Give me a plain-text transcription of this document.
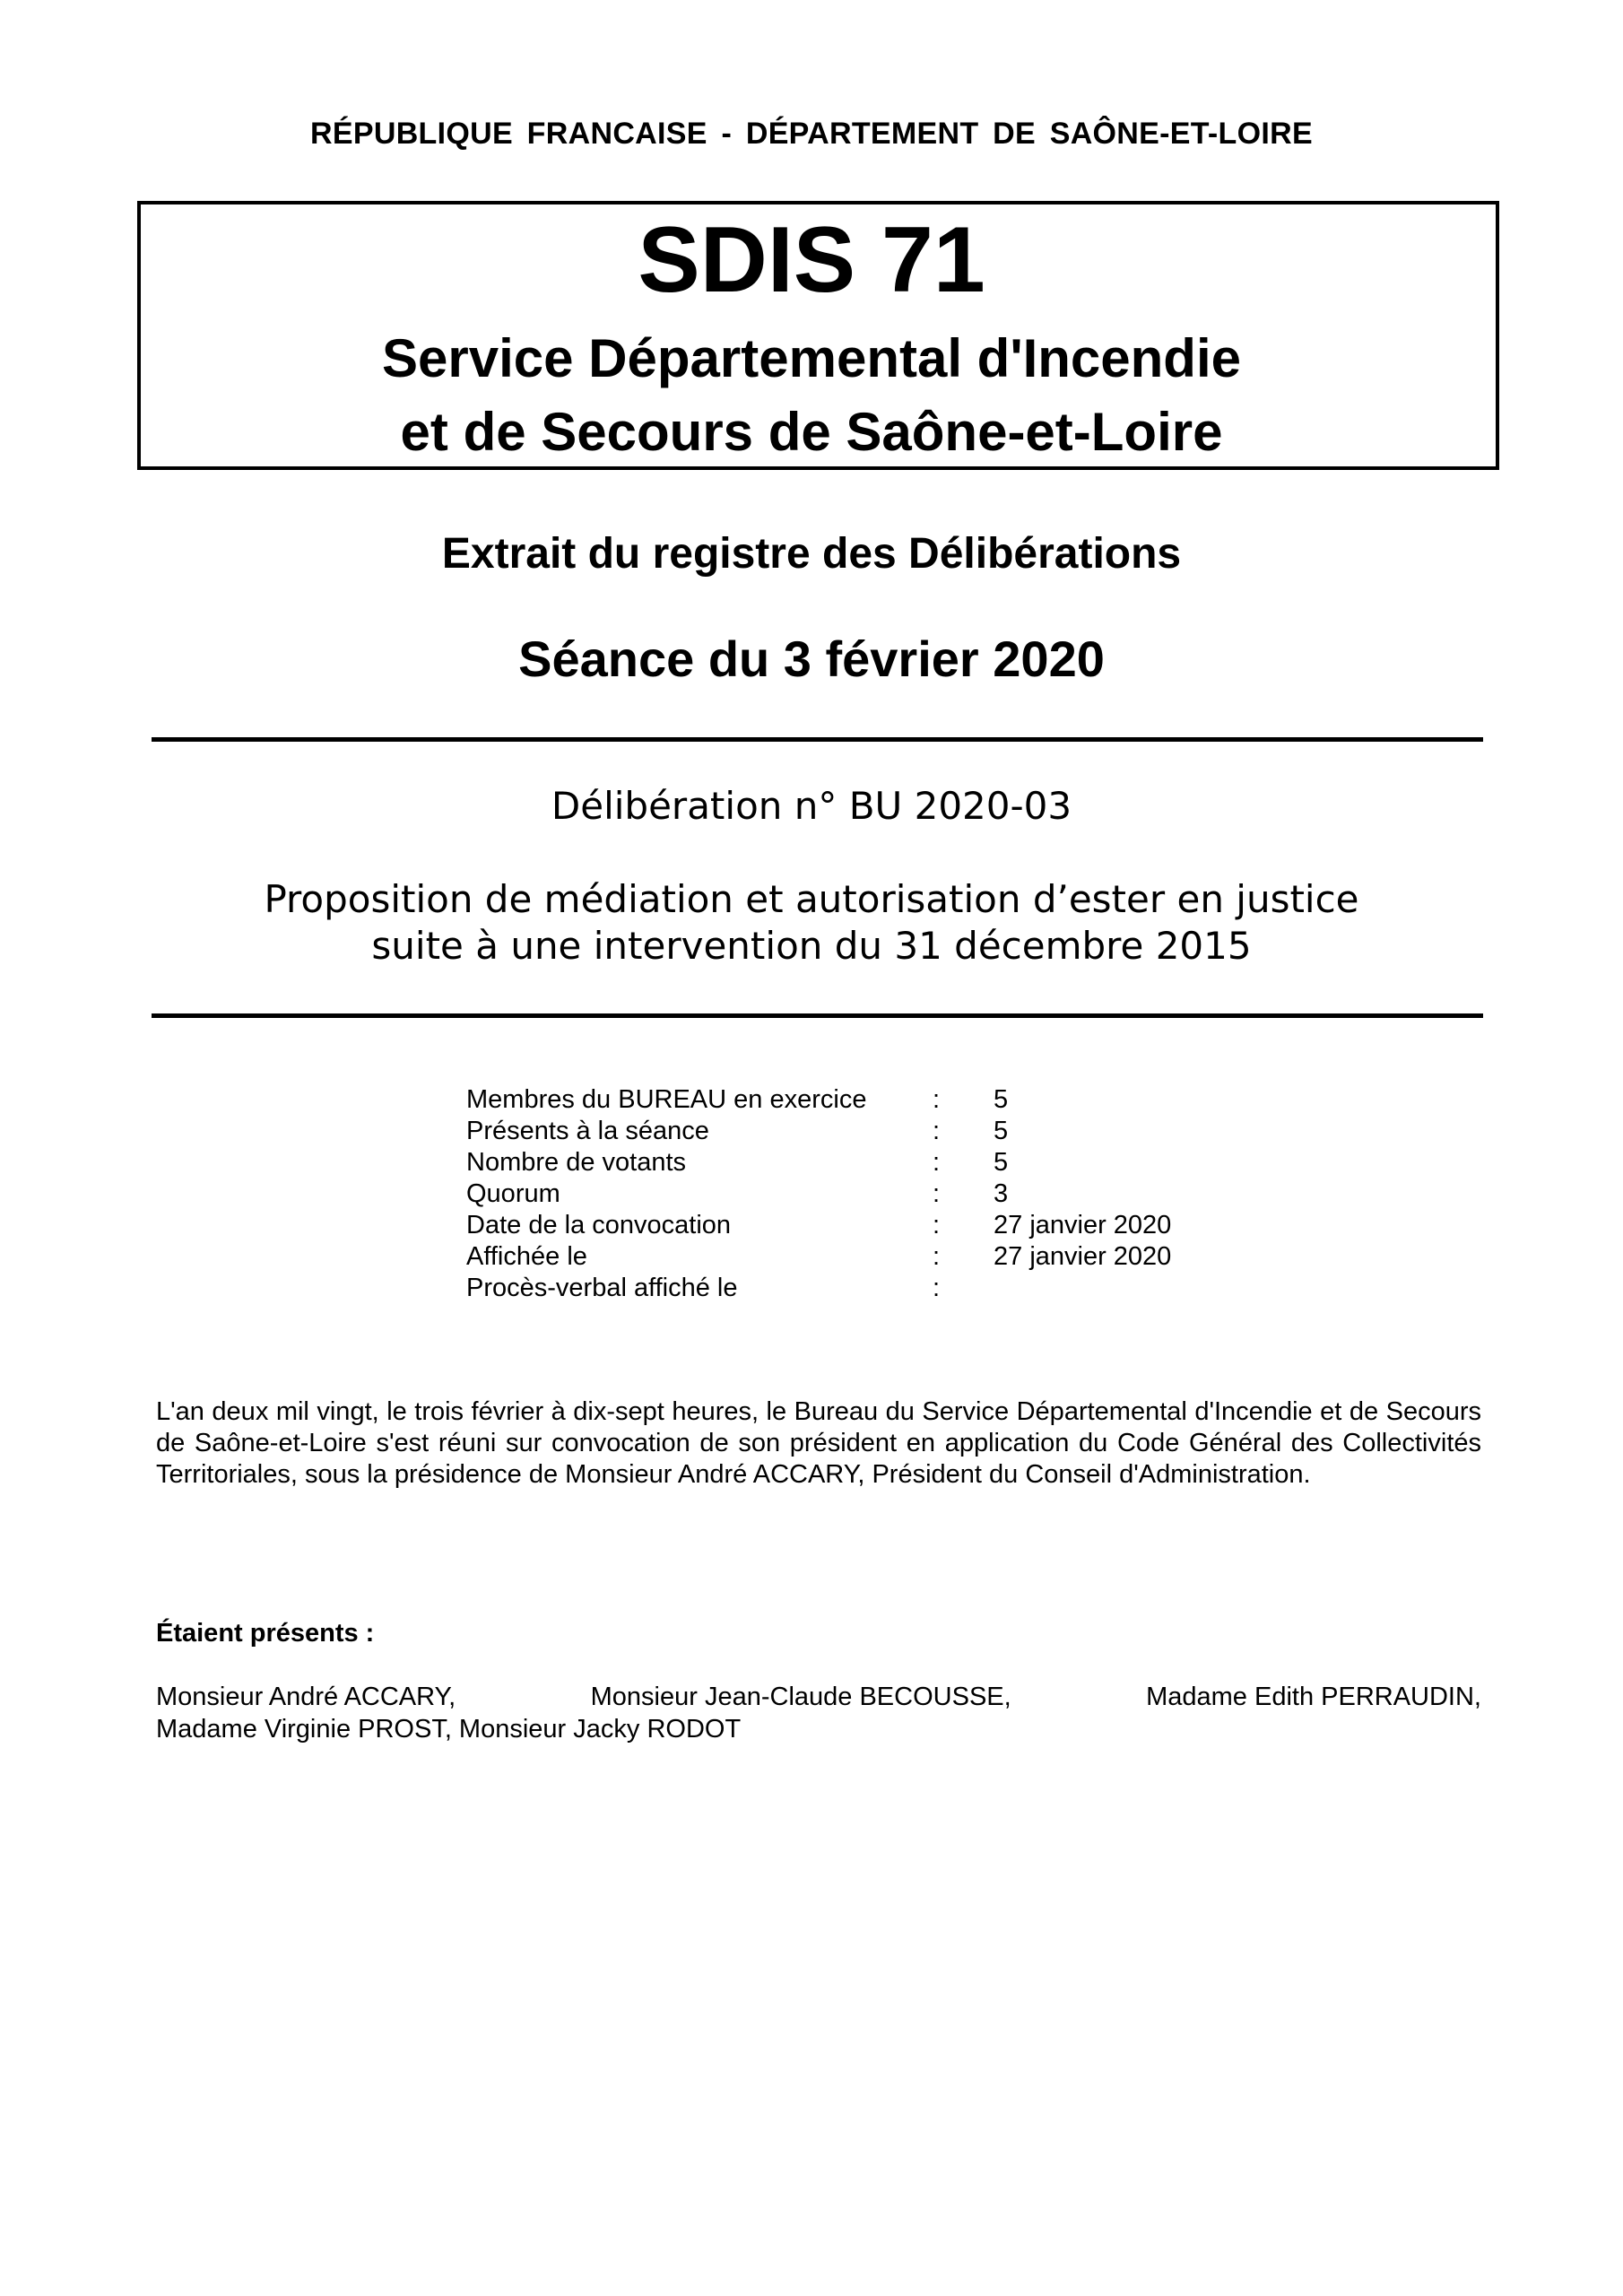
RÉPUBLIQUE FRANCAISE - DÉPARTEMENT DE SAÔNE-ET-LOIRE
SDIS 71
Service Départemental d'Incendie
et de Secours de Saône-et-Loire
Extrait du registre des Délibérations
Séance du 3 février 2020
Délibération n° BU 2020-03
Proposition de médiation et autorisation d’ester en justice
suite à une intervention du 31 décembre 2015
Membres du BUREAU en exercice	: 5
Présents à la séance	: 5
Nombre de votants	: 5
Quorum	: 3
Date de la convocation	: 27 janvier 2020
Affichée le	: 27 janvier 2020
Procès-verbal affiché le	:
L'an deux mil vingt, le trois février à dix-sept heures, le Bureau du Service Départemental d'Incendie et de Secours de Saône-et-Loire s'est réuni sur convocation de son président en application du Code Général des Collectivités Territoriales, sous la présidence de Monsieur André ACCARY, Président du Conseil d'Administration.
Étaient présents :
Monsieur André ACCARY,	Monsieur Jean-Claude BECOUSSE,	Madame Edith PERRAUDIN,
Madame Virginie PROST, Monsieur Jacky RODOT
